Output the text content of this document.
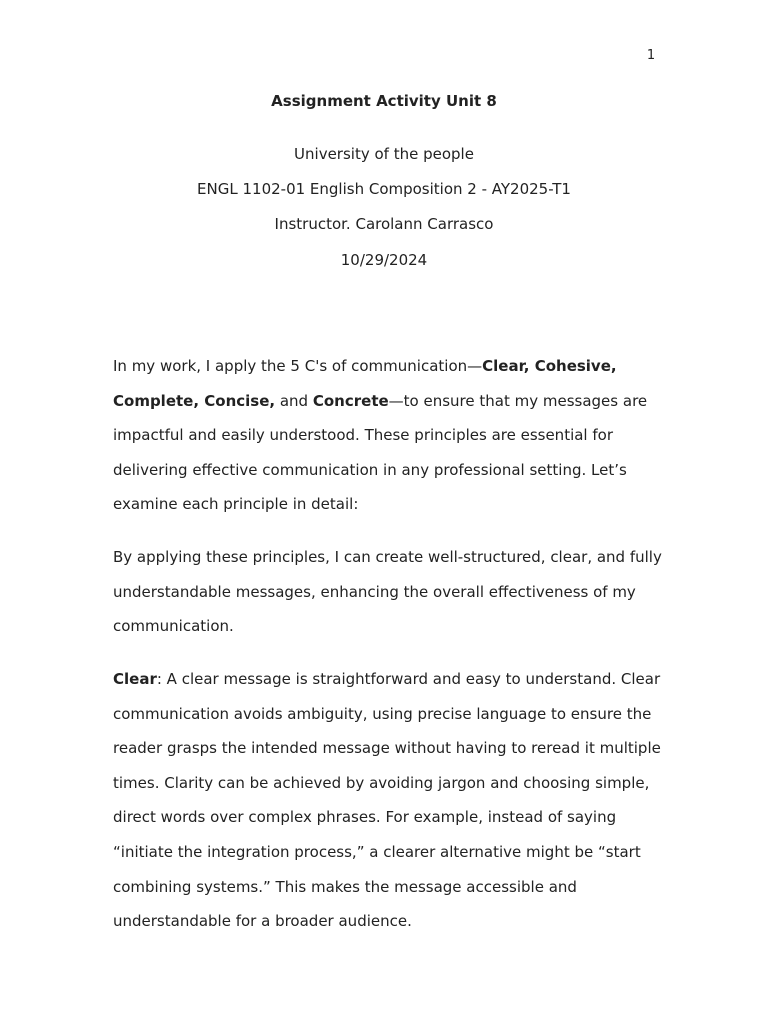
1
Assignment Activity Unit 8
University of the people
ENGL 1102-01 English Composition 2 - AY2025-T1
Instructor. Carolann Carrasco
10/29/2024
In my work, I apply the 5 C's of communication—Clear, Cohesive,
Complete, Concise, and Concrete—to ensure that my messages are
impactful and easily understood. These principles are essential for
delivering effective communication in any professional setting. Let’s
examine each principle in detail:
By applying these principles, I can create well-structured, clear, and fully
understandable messages, enhancing the overall effectiveness of my
communication.
Clear: A clear message is straightforward and easy to understand. Clear
communication avoids ambiguity, using precise language to ensure the
reader grasps the intended message without having to reread it multiple
times. Clarity can be achieved by avoiding jargon and choosing simple,
direct words over complex phrases. For example, instead of saying
“initiate the integration process,” a clearer alternative might be “start
combining systems.” This makes the message accessible and
understandable for a broader audience.
